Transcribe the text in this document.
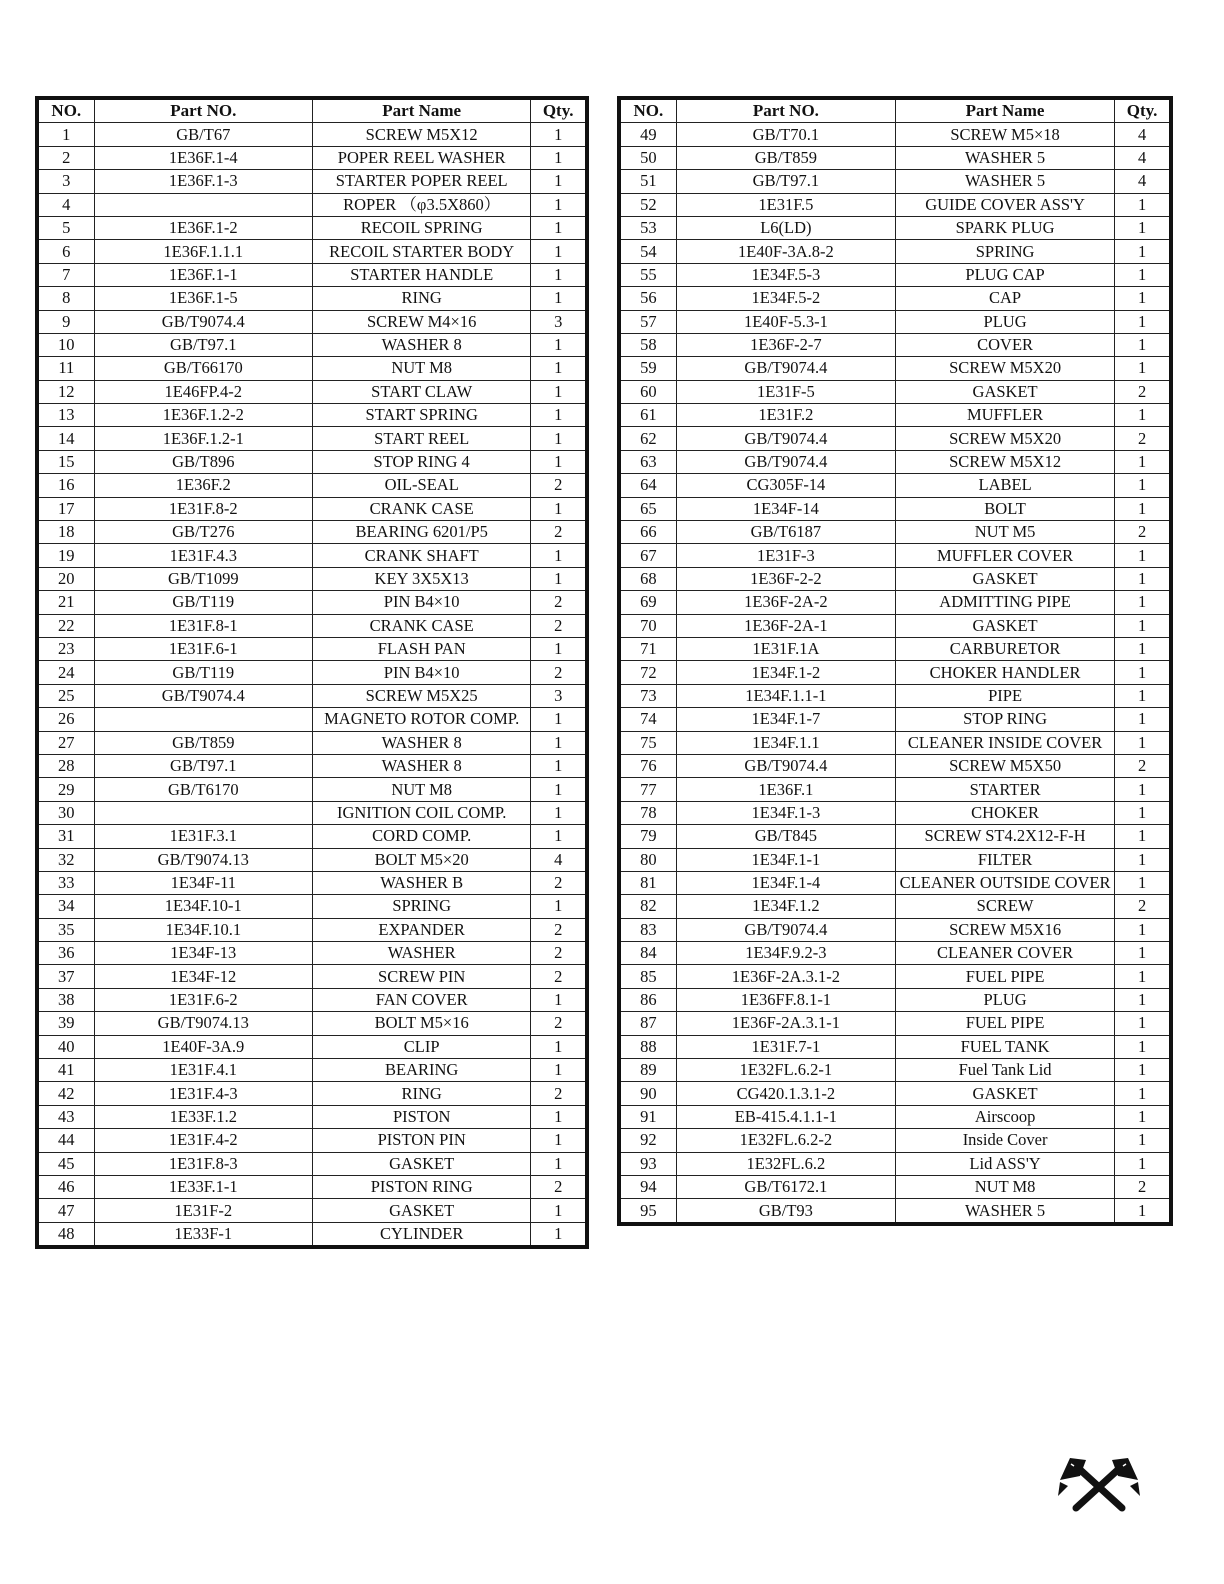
NO.	Part NO.	Part Name	Qty.
1	GB/T67	SCREW M5X12	1
2	1E36F.1-4	POPER REEL WASHER	1
3	1E36F.1-3	STARTER POPER REEL	1
4		ROPER （φ3.5X860）	1
5	1E36F.1-2	RECOIL SPRING	1
6	1E36F.1.1.1	RECOIL STARTER BODY	1
7	1E36F.1-1	STARTER HANDLE	1
8	1E36F.1-5	RING	1
9	GB/T9074.4	SCREW M4×16	3
10	GB/T97.1	WASHER 8	1
11	GB/T66170	NUT M8	1
12	1E46FP.4-2	START CLAW	1
13	1E36F.1.2-2	START SPRING	1
14	1E36F.1.2-1	START REEL	1
15	GB/T896	STOP RING 4	1
16	1E36F.2	OIL-SEAL	2
17	1E31F.8-2	CRANK CASE	1
18	GB/T276	BEARING 6201/P5	2
19	1E31F.4.3	CRANK SHAFT	1
20	GB/T1099	KEY 3X5X13	1
21	GB/T119	PIN B4×10	2
22	1E31F.8-1	CRANK CASE	2
23	1E31F.6-1	FLASH PAN	1
24	GB/T119	PIN B4×10	2
25	GB/T9074.4	SCREW M5X25	3
26		MAGNETO ROTOR COMP.	1
27	GB/T859	WASHER 8	1
28	GB/T97.1	WASHER 8	1
29	GB/T6170	NUT M8	1
30		IGNITION COIL COMP.	1
31	1E31F.3.1	CORD COMP.	1
32	GB/T9074.13	BOLT M5×20	4
33	1E34F-11	WASHER B	2
34	1E34F.10-1	SPRING	1
35	1E34F.10.1	EXPANDER	2
36	1E34F-13	WASHER	2
37	1E34F-12	SCREW PIN	2
38	1E31F.6-2	FAN COVER	1
39	GB/T9074.13	BOLT M5×16	2
40	1E40F-3A.9	CLIP	1
41	1E31F.4.1	BEARING	1
42	1E31F.4-3	RING	2
43	1E33F.1.2	PISTON	1
44	1E31F.4-2	PISTON PIN	1
45	1E31F.8-3	GASKET	1
46	1E33F.1-1	PISTON RING	2
47	1E31F-2	GASKET	1
48	1E33F-1	CYLINDER	1
NO.	Part NO.	Part Name	Qty.
49	GB/T70.1	SCREW M5×18	4
50	GB/T859	WASHER 5	4
51	GB/T97.1	WASHER 5	4
52	1E31F.5	GUIDE COVER ASS'Y	1
53	L6(LD)	SPARK PLUG	1
54	1E40F-3A.8-2	SPRING	1
55	1E34F.5-3	PLUG CAP	1
56	1E34F.5-2	CAP	1
57	1E40F-5.3-1	PLUG	1
58	1E36F-2-7	COVER	1
59	GB/T9074.4	SCREW M5X20	1
60	1E31F-5	GASKET	2
61	1E31F.2	MUFFLER	1
62	GB/T9074.4	SCREW M5X20	2
63	GB/T9074.4	SCREW M5X12	1
64	CG305F-14	LABEL	1
65	1E34F-14	BOLT	1
66	GB/T6187	NUT M5	2
67	1E31F-3	MUFFLER COVER	1
68	1E36F-2-2	GASKET	1
69	1E36F-2A-2	ADMITTING PIPE	1
70	1E36F-2A-1	GASKET	1
71	1E31F.1A	CARBURETOR	1
72	1E34F.1-2	CHOKER HANDLER	1
73	1E34F.1.1-1	PIPE	1
74	1E34F.1-7	STOP RING	1
75	1E34F.1.1	CLEANER INSIDE COVER	1
76	GB/T9074.4	SCREW M5X50	2
77	1E36F.1	STARTER	1
78	1E34F.1-3	CHOKER	1
79	GB/T845	SCREW ST4.2X12-F-H	1
80	1E34F.1-1	FILTER	1
81	1E34F.1-4	CLEANER OUTSIDE COVER	1
82	1E34F.1.2	SCREW	2
83	GB/T9074.4	SCREW M5X16	1
84	1E34F.9.2-3	CLEANER COVER	1
85	1E36F-2A.3.1-2	FUEL PIPE	1
86	1E36FF.8.1-1	PLUG	1
87	1E36F-2A.3.1-1	FUEL PIPE	1
88	1E31F.7-1	FUEL TANK	1
89	1E32FL.6.2-1	Fuel Tank Lid	1
90	CG420.1.3.1-2	GASKET	1
91	EB-415.4.1.1-1	Airscoop	1
92	1E32FL.6.2-2	Inside Cover	1
93	1E32FL.6.2	Lid ASS'Y	1
94	GB/T6172.1	NUT M8	2
95	GB/T93	WASHER 5	1
